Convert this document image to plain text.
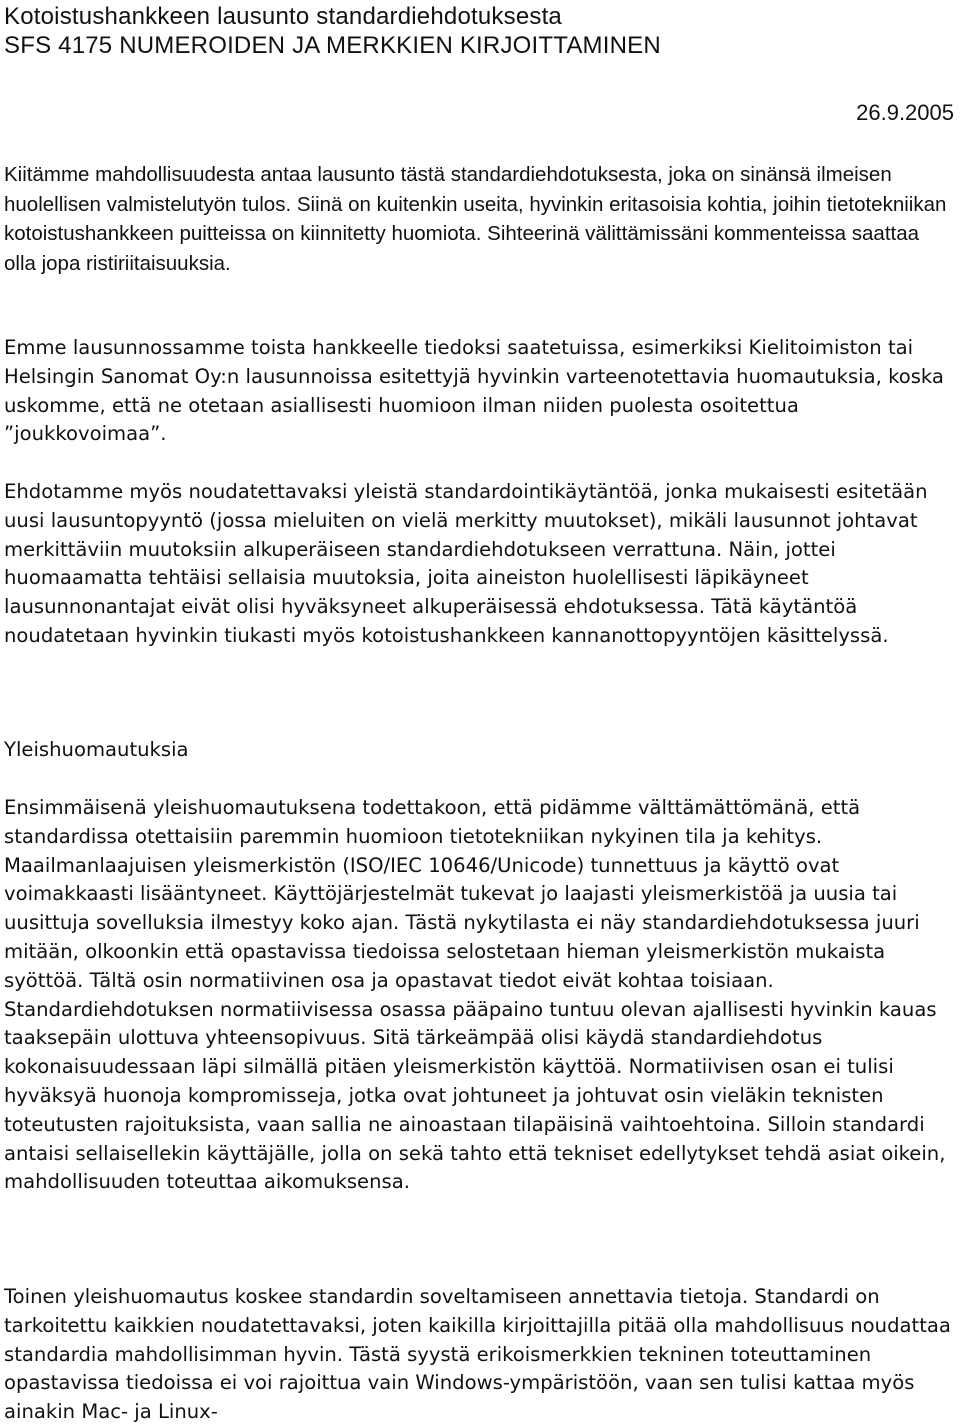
Kotoistushankkeen lausunto standardiehdotuksesta
SFS 4175 NUMEROIDEN JA MERKKIEN KIRJOITTAMINEN

26.9.2005

Kiitämme mahdollisuudesta antaa lausunto tästä standardiehdotuksesta, joka on sinänsä ilmeisen huolellisen valmistelutyön tulos. Siinä on kuitenkin useita, hyvinkin eritasoisia kohtia, joihin tietotekniikan kotoistushankkeen puitteissa on kiinnitetty huomiota. Sihteerinä välittämissäni kommenteissa saattaa olla jopa ristiriitaisuuksia.

Emme lausunnossamme toista hankkeelle tiedoksi saatetuissa, esimerkiksi Kielitoimiston tai Helsingin Sanomat Oy:n lausunnoissa esitettyjä hyvinkin varteenotettavia huomautuksia, koska uskomme, että ne otetaan asiallisesti huomioon ilman niiden puolesta osoitettua ”joukkovoimaa”.

Ehdotamme myös noudatettavaksi yleistä standardointikäytäntöä, jonka mukaisesti esitetään uusi lausuntopyyntö (jossa mieluiten on vielä merkitty muutokset), mikäli lausunnot johtavat merkittäviin muutoksiin alkuperäiseen standardiehdotukseen verrattuna. Näin, jottei huomaamatta tehtäisi sellaisia muutoksia, joita aineiston huolellisesti läpikäyneet lausunnonantajat eivät olisi hyväksyneet alkuperäisessä ehdotuksessa. Tätä käytäntöä noudatetaan hyvinkin tiukasti myös kotoistushankkeen kannanottopyyntöjen käsittelyssä.

Yleishuomautuksia

Ensimmäisenä yleishuomautuksena todettakoon, että pidämme välttämättömänä, että standardissa otettaisiin paremmin huomioon tietotekniikan nykyinen tila ja kehitys. Maailmanlaajuisen yleismerkistön (ISO/IEC 10646/Unicode) tunnettuus ja käyttö ovat voimakkaasti lisääntyneet. Käyttöjärjestelmät tukevat jo laajasti yleismerkistöä ja uusia tai uusittuja sovelluksia ilmestyy koko ajan. Tästä nykytilasta ei näy standardiehdotuksessa juuri mitään, olkoonkin että opastavissa tiedoissa selostetaan hieman yleismerkistön mukaista syöttöä. Tältä osin normatiivinen osa ja opastavat tiedot eivät kohtaa toisiaan. Standardiehdotuksen normatiivisessa osassa pääpaino tuntuu olevan ajallisesti hyvinkin kauas taaksepäin ulottuva yhteensopivuus. Sitä tärkeämpää olisi käydä standardiehdotus kokonaisuudessaan läpi silmällä pitäen yleismerkistön käyttöä. Normatiivisen osan ei tulisi hyväksyä huonoja kompromisseja, jotka ovat johtuneet ja johtuvat osin vieläkin teknisten toteutusten rajoituksista, vaan sallia ne ainoastaan tilapäisinä vaihtoehtoina. Silloin standardi antaisi sellaisellekin käyttäjälle, jolla on sekä tahto että tekniset edellytykset tehdä asiat oikein, mahdollisuuden toteuttaa aikomuksensa.

Toinen yleishuomautus koskee standardin soveltamiseen annettavia tietoja. Standardi on tarkoitettu kaikkien noudatettavaksi, joten kaikilla kirjoittajilla pitää olla mahdollisuus noudattaa standardia mahdollisimman hyvin. Tästä syystä erikoismerkkien tekninen toteuttaminen opastavissa tiedoissa ei voi rajoittua vain Windows-ympäristöön, vaan sen tulisi kattaa myös ainakin Mac- ja Linux-
